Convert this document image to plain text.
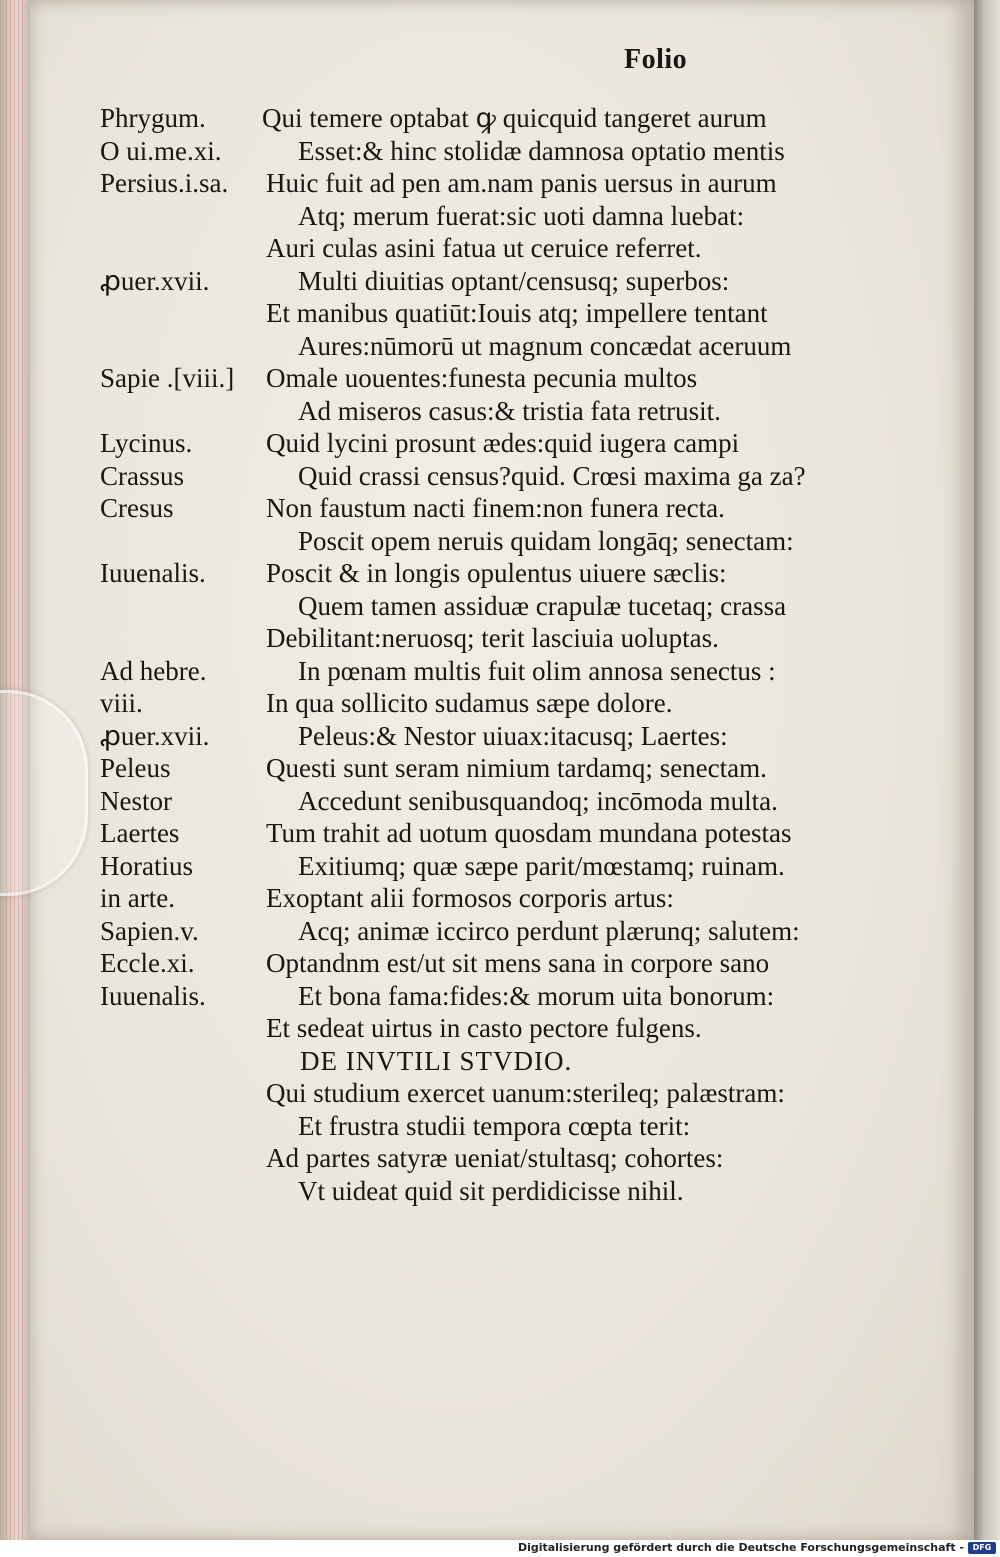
Folio
Phrygum. Qui temere optabat ꝙ quicquid tangeret aurum
O ui.me.xi.	Esset:& hinc stolidæ damnosa optatio mentis
Persius.i.sa. Huic fuit ad pen am.nam panis uersus in aurum
Atq; merum fuerat:sic uoti damna luebat:
Auri culas asini fatua ut ceruice referret.
ꝓuer.xvii.	Multi diuitias optant/censusq; superbos:
Et manibus quatiūt:Iouis atq; impellere tentant
Aures:nūmorū ut magnum concædat aceruum
Sapie .[viii.] Omale uouentes:funesta pecunia multos
Ad miseros casus:& tristia fata retrusit.
Lycinus.	Quid lycini prosunt ædes:quid iugera campi
Crassus	Quid crassi census?quid. Crœsi maxima ga za?
Cresus	Non faustum nacti finem:non funera recta.
Poscit opem neruis quidam longāq; senectam:
Iuuenalis. Poscit & in longis opulentus uiuere sæclis:
Quem tamen assiduæ crapulæ tucetaq; crassa
Debilitant:neruosq; terit lasciuia uoluptas.
Ad hebre.	In pœnam multis fuit olim annosa senectus :
viii.	In qua sollicito sudamus sæpe dolore.
ꝓuer.xvii.	Peleus:& Nestor uiuax:itacusq; Laertes:
Peleus	Questi sunt seram nimium tardamq; senectam.
Nestor	Accedunt senibusquandoq; incōmoda multa.
Laertes	Tum trahit ad uotum quosdam mundana potestas
Horatius	Exitiumq; quæ sæpe parit/mœstamq; ruinam.
in arte.	Exoptant alii formosos corporis artus:
Sapien.v.	Acq; animæ iccirco perdunt plærunq; salutem:
Eccle.xi.	Optandnm est/ut sit mens sana in corpore sano
Iuuenalis.	Et bona fama:fides:& morum uita bonorum:
Et sedeat uirtus in casto pectore fulgens.
DE INVTILI STVDIO.
Qui studium exercet uanum:sterileq; palæstram:
Et frustra studii tempora cœpta terit:
Ad partes satyræ ueniat/stultasq; cohortes:
Vt uideat quid sit perdidicisse nihil.
Digitalisierung gefördert durch die Deutsche Forschungsgemeinschaft -	DFG
